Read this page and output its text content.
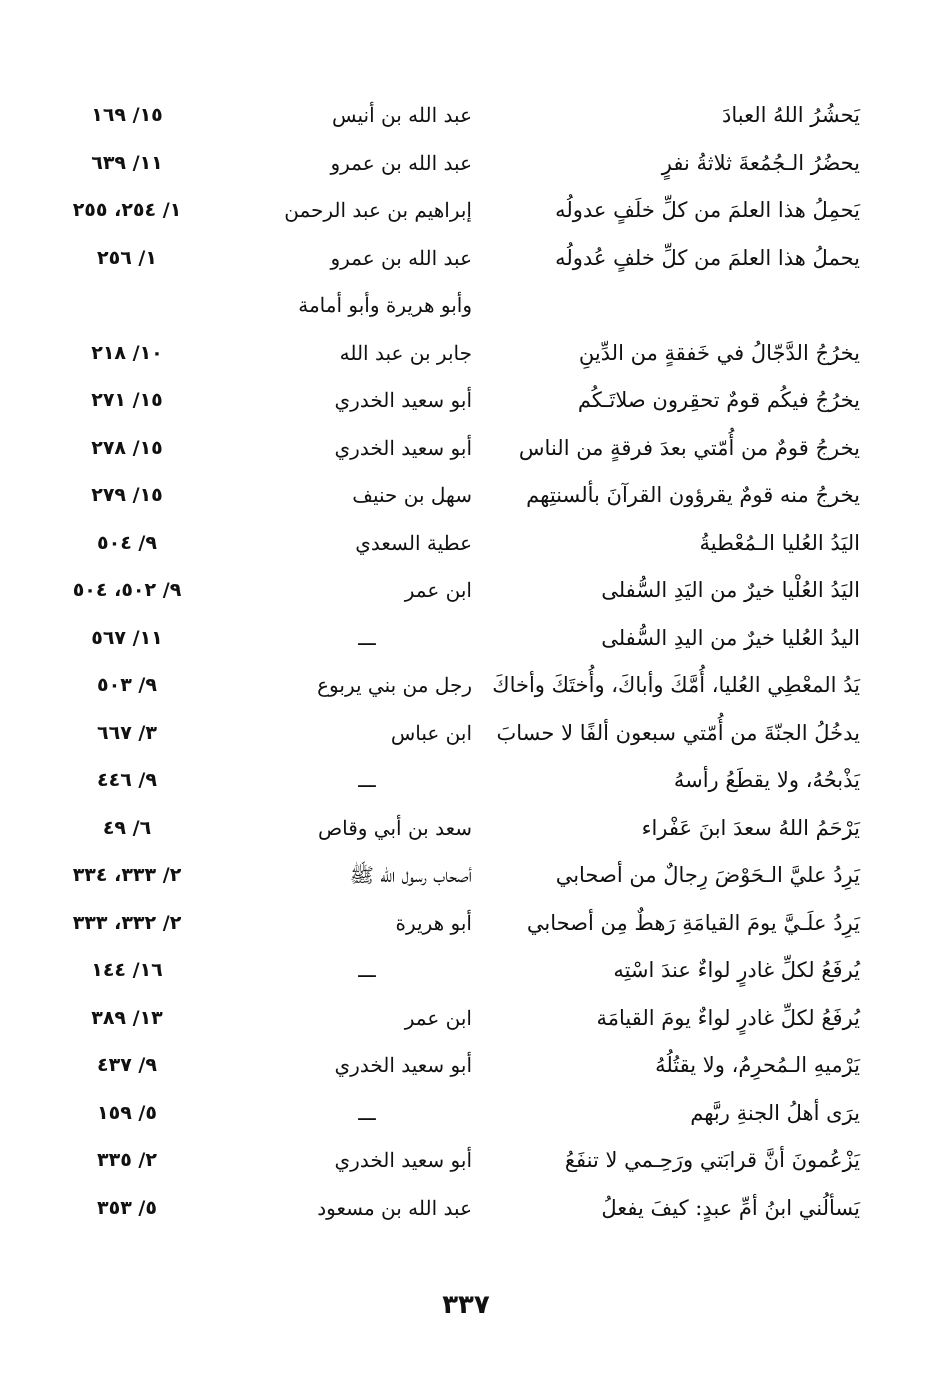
يَحشُرُ اللهُ العبادَ
عبد الله بن أنيس
١٥/ ١٦٩
يحضُرُ الـجُمُعةَ ثلاثةُ نفرٍ
عبد الله بن عمرو
١١/ ٦٣٩
يَحمِلُ هذا العلمَ من كلِّ خلَفٍ عدولُه
إبراهيم بن عبد الرحمن
١/ ٢٥٤، ٢٥٥
يحملُ هذا العلمَ من كلِّ خلفٍ عُدولُه
عبد الله بن عمرو
١/ ٢٥٦
وأبو هريرة وأبو أمامة
يخرُجُ الدَّجّالُ في خَفقةٍ من الدِّينِ
جابر بن عبد الله
١٠/ ٢١٨
يخرُجُ فيكُم قومٌ تحقِرون صلاتَـكُم
أبو سعيد الخدري
١٥/ ٢٧١
يخرجُ قومٌ من أُمّتي بعدَ فرقةٍ من الناس
أبو سعيد الخدري
١٥/ ٢٧٨
يخرجُ منه قومٌ يقرؤون القرآنَ بألسنتِهم
سهل بن حنيف
١٥/ ٢٧٩
اليَدُ العُليا الـمُعْطيةُ
عطية السعدي
٩/ ٥٠٤
اليَدُ العُلْيا خيرٌ من اليَدِ السُّفلى
ابن عمر
٩/ ٥٠٢، ٥٠٤
اليدُ العُليا خيرٌ من اليدِ السُّفلى
ـــ
١١/ ٥٦٧
يَدُ المعْطِي العُليا، أُمَّكَ وأباكَ، وأُختَكَ وأخاكَ
رجل من بني يربوع
٩/ ٥٠٣
يدخُلُ الجنّةَ من أُمّتي سبعون ألفًا لا حسابَ
ابن عباس
٣/ ٦٦٧
يَذْبحُهُ، ولا يقطَعُ رأسهُ
ـــ
٩/ ٤٤٦
يَرْحَمُ اللهُ سعدَ ابنَ عَفْراء
سعد بن أبي وقاص
٦/ ٤٩
يَرِدُ عليَّ الـحَوْضَ رِجالٌ من أصحابي
أصحاب رسول الله ﷺ
٢/ ٣٣٣، ٣٣٤
يَرِدُ علَـيَّ يومَ القيامَةِ رَهطٌ مِن أصحابي
أبو هريرة
٢/ ٣٣٢، ٣٣٣
يُرفَعُ لكلِّ غادرٍ لواءٌ عندَ اسْتِه
ـــ
١٦/ ١٤٤
يُرفَعُ لكلِّ غادرٍ لواءٌ يومَ القيامَة
ابن عمر
١٣/ ٣٨٩
يَرْميهِ الـمُحرِمُ، ولا يقتُلُهُ
أبو سعيد الخدري
٩/ ٤٣٧
يرَى أهلُ الجنةِ ربَّهم
ـــ
٥/ ١٥٩
يَزْعُمونَ أنَّ قرابَتي ورَحِـمي لا تنفَعُ
أبو سعيد الخدري
٢/ ٣٣٥
يَسألُني ابنُ أمِّ عبدٍ: كيفَ يفعلُ
عبد الله بن مسعود
٥/ ٣٥٣
٣٣٧
